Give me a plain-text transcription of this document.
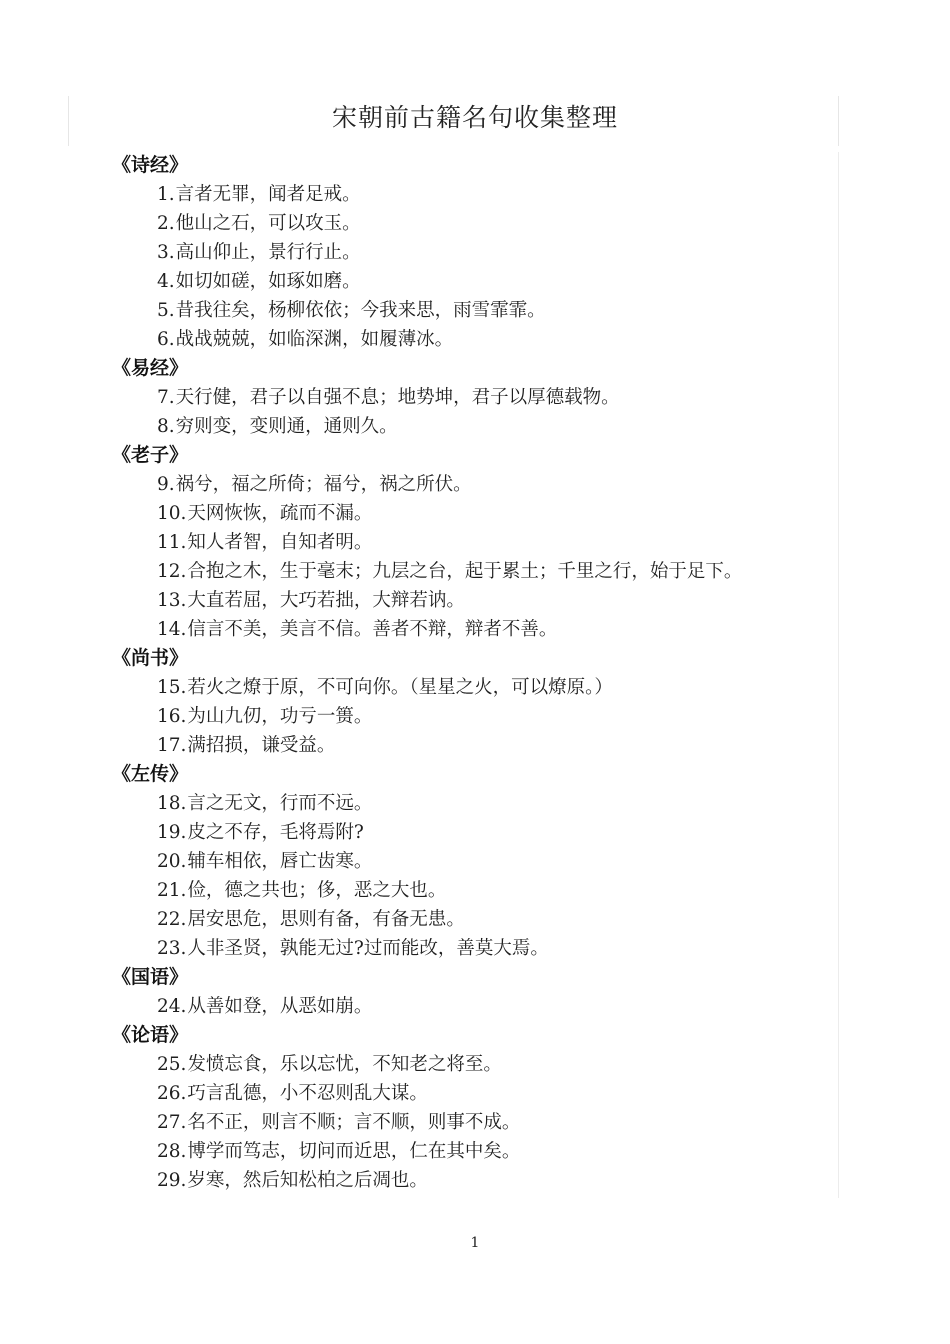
宋朝前古籍名句收集整理
《诗经》
1.言者无罪，闻者足戒。
2.他山之石，可以攻玉。
3.高山仰止，景行行止。
4.如切如磋，如琢如磨。
5.昔我往矣，杨柳依依；今我来思，雨雪霏霏。
6.战战兢兢，如临深渊，如履薄冰。
《易经》
7.天行健，君子以自强不息；地势坤，君子以厚德载物。
8.穷则变，变则通，通则久。
《老子》
9.祸兮，福之所倚；福兮，祸之所伏。
10.天网恢恢，疏而不漏。
11.知人者智，自知者明。
12.合抱之木，生于毫末；九层之台，起于累土；千里之行，始于足下。
13.大直若屈，大巧若拙，大辩若讷。
14.信言不美，美言不信。善者不辩，辩者不善。
《尚书》
15.若火之燎于原，不可向你。（星星之火，可以燎原。）
16.为山九仞，功亏一篑。
17.满招损，谦受益。
《左传》
18.言之无文，行而不远。
19.皮之不存，毛将焉附?
20.辅车相依，唇亡齿寒。
21.俭，德之共也；侈，恶之大也。
22.居安思危，思则有备，有备无患。
23.人非圣贤，孰能无过?过而能改，善莫大焉。
《国语》
24.从善如登，从恶如崩。
《论语》
25.发愤忘食，乐以忘忧，不知老之将至。
26.巧言乱德，小不忍则乱大谋。
27.名不正，则言不顺；言不顺，则事不成。
28.博学而笃志，切问而近思，仁在其中矣。
29.岁寒，然后知松柏之后凋也。
1
